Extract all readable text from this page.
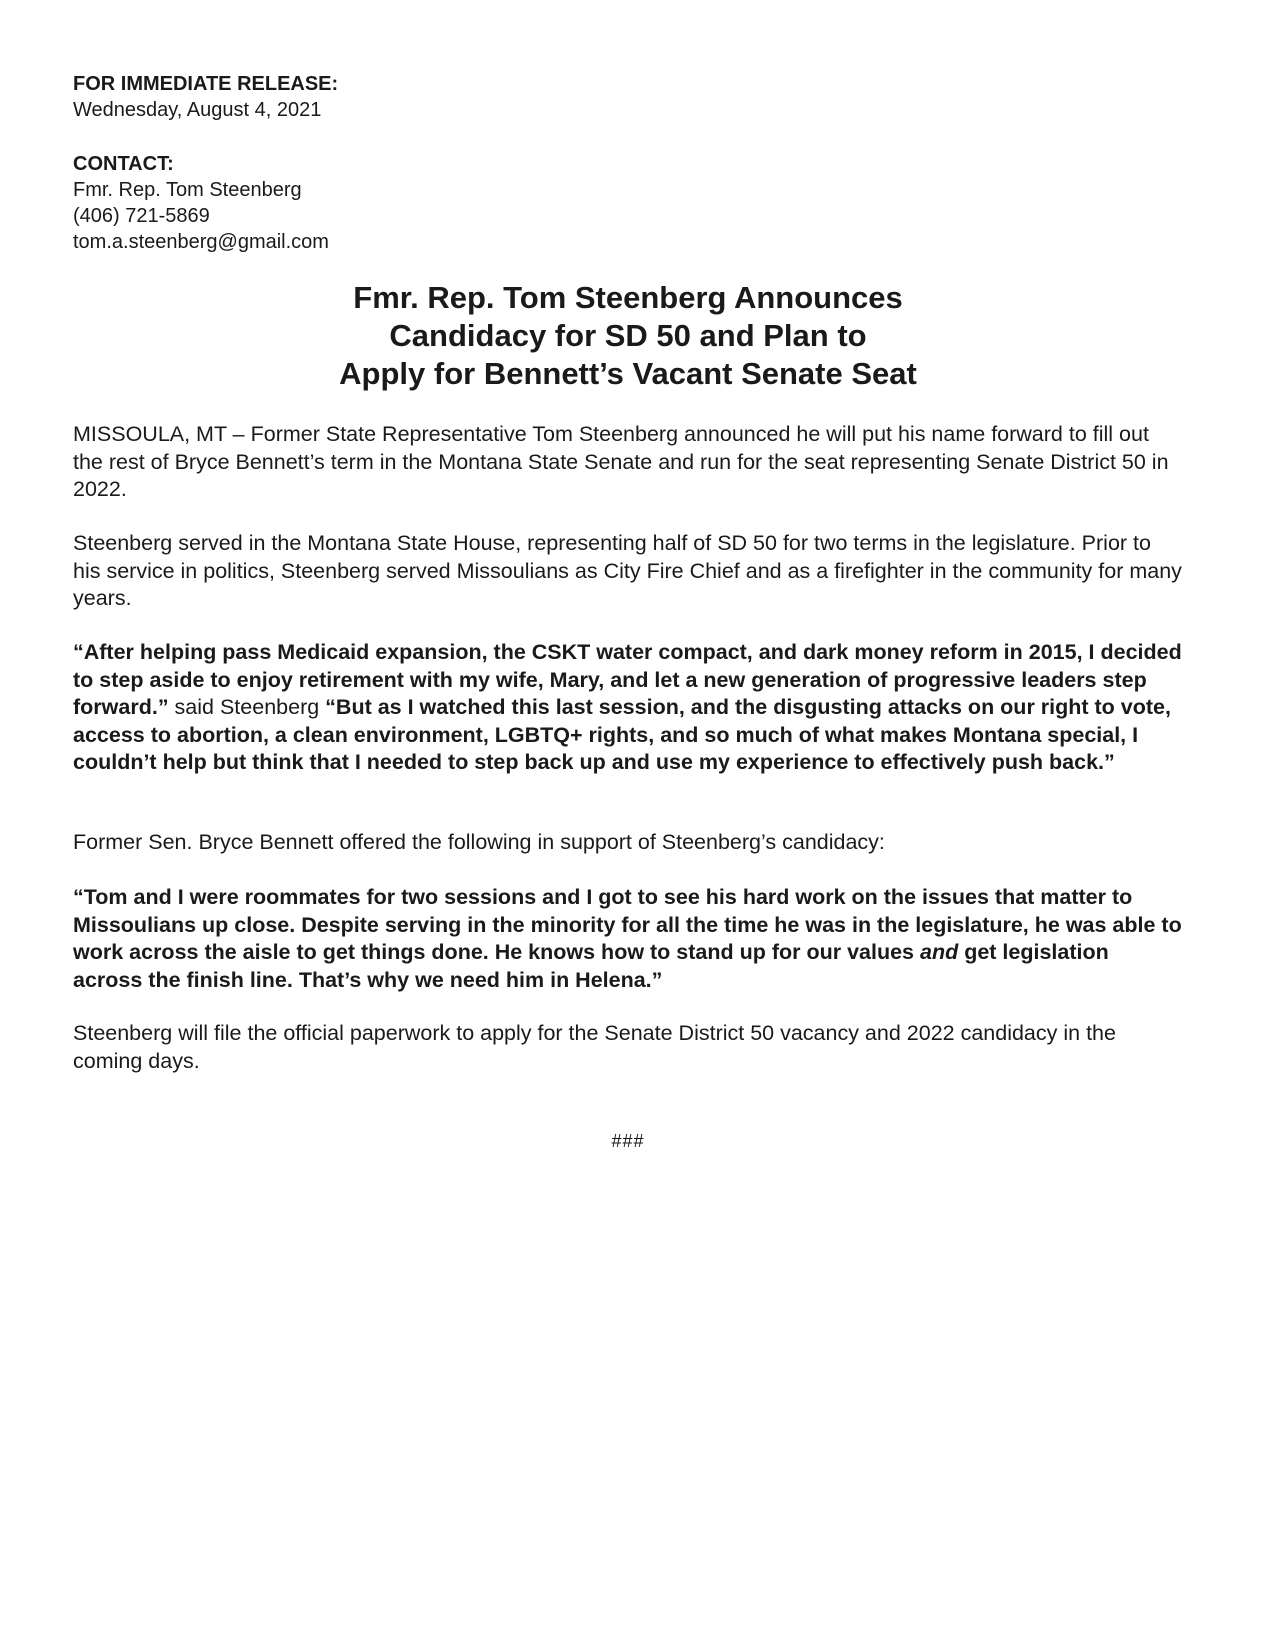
FOR IMMEDIATE RELEASE:
Wednesday, August 4, 2021
CONTACT:
Fmr. Rep. Tom Steenberg
(406) 721-5869
tom.a.steenberg@gmail.com
Fmr. Rep. Tom Steenberg Announces
Candidacy for SD 50 and Plan to
Apply for Bennett’s Vacant Senate Seat

MISSOULA, MT – Former State Representative Tom Steenberg announced he will put his name forward to fill out the rest of Bryce Bennett’s term in the Montana State Senate and run for the seat representing Senate District 50 in 2022.

Steenberg served in the Montana State House, representing half of SD 50 for two terms in the legislature. Prior to his service in politics, Steenberg served Missoulians as City Fire Chief and as a firefighter in the community for many years.

“After helping pass Medicaid expansion, the CSKT water compact, and dark money reform in 2015, I decided to step aside to enjoy retirement with my wife, Mary, and let a new generation of progressive leaders step forward.” said Steenberg “But as I watched this last session, and the disgusting attacks on our right to vote, access to abortion, a clean environment, LGBTQ+ rights, and so much of what makes Montana special, I couldn’t help but think that I needed to step back up and use my experience to effectively push back.”

Former Sen. Bryce Bennett offered the following in support of Steenberg’s candidacy:

“Tom and I were roommates for two sessions and I got to see his hard work on the issues that matter to Missoulians up close. Despite serving in the minority for all the time he was in the legislature, he was able to work across the aisle to get things done. He knows how to stand up for our values and get legislation across the finish line. That’s why we need him in Helena.”

Steenberg will file the official paperwork to apply for the Senate District 50 vacancy and 2022 candidacy in the coming days.

###
